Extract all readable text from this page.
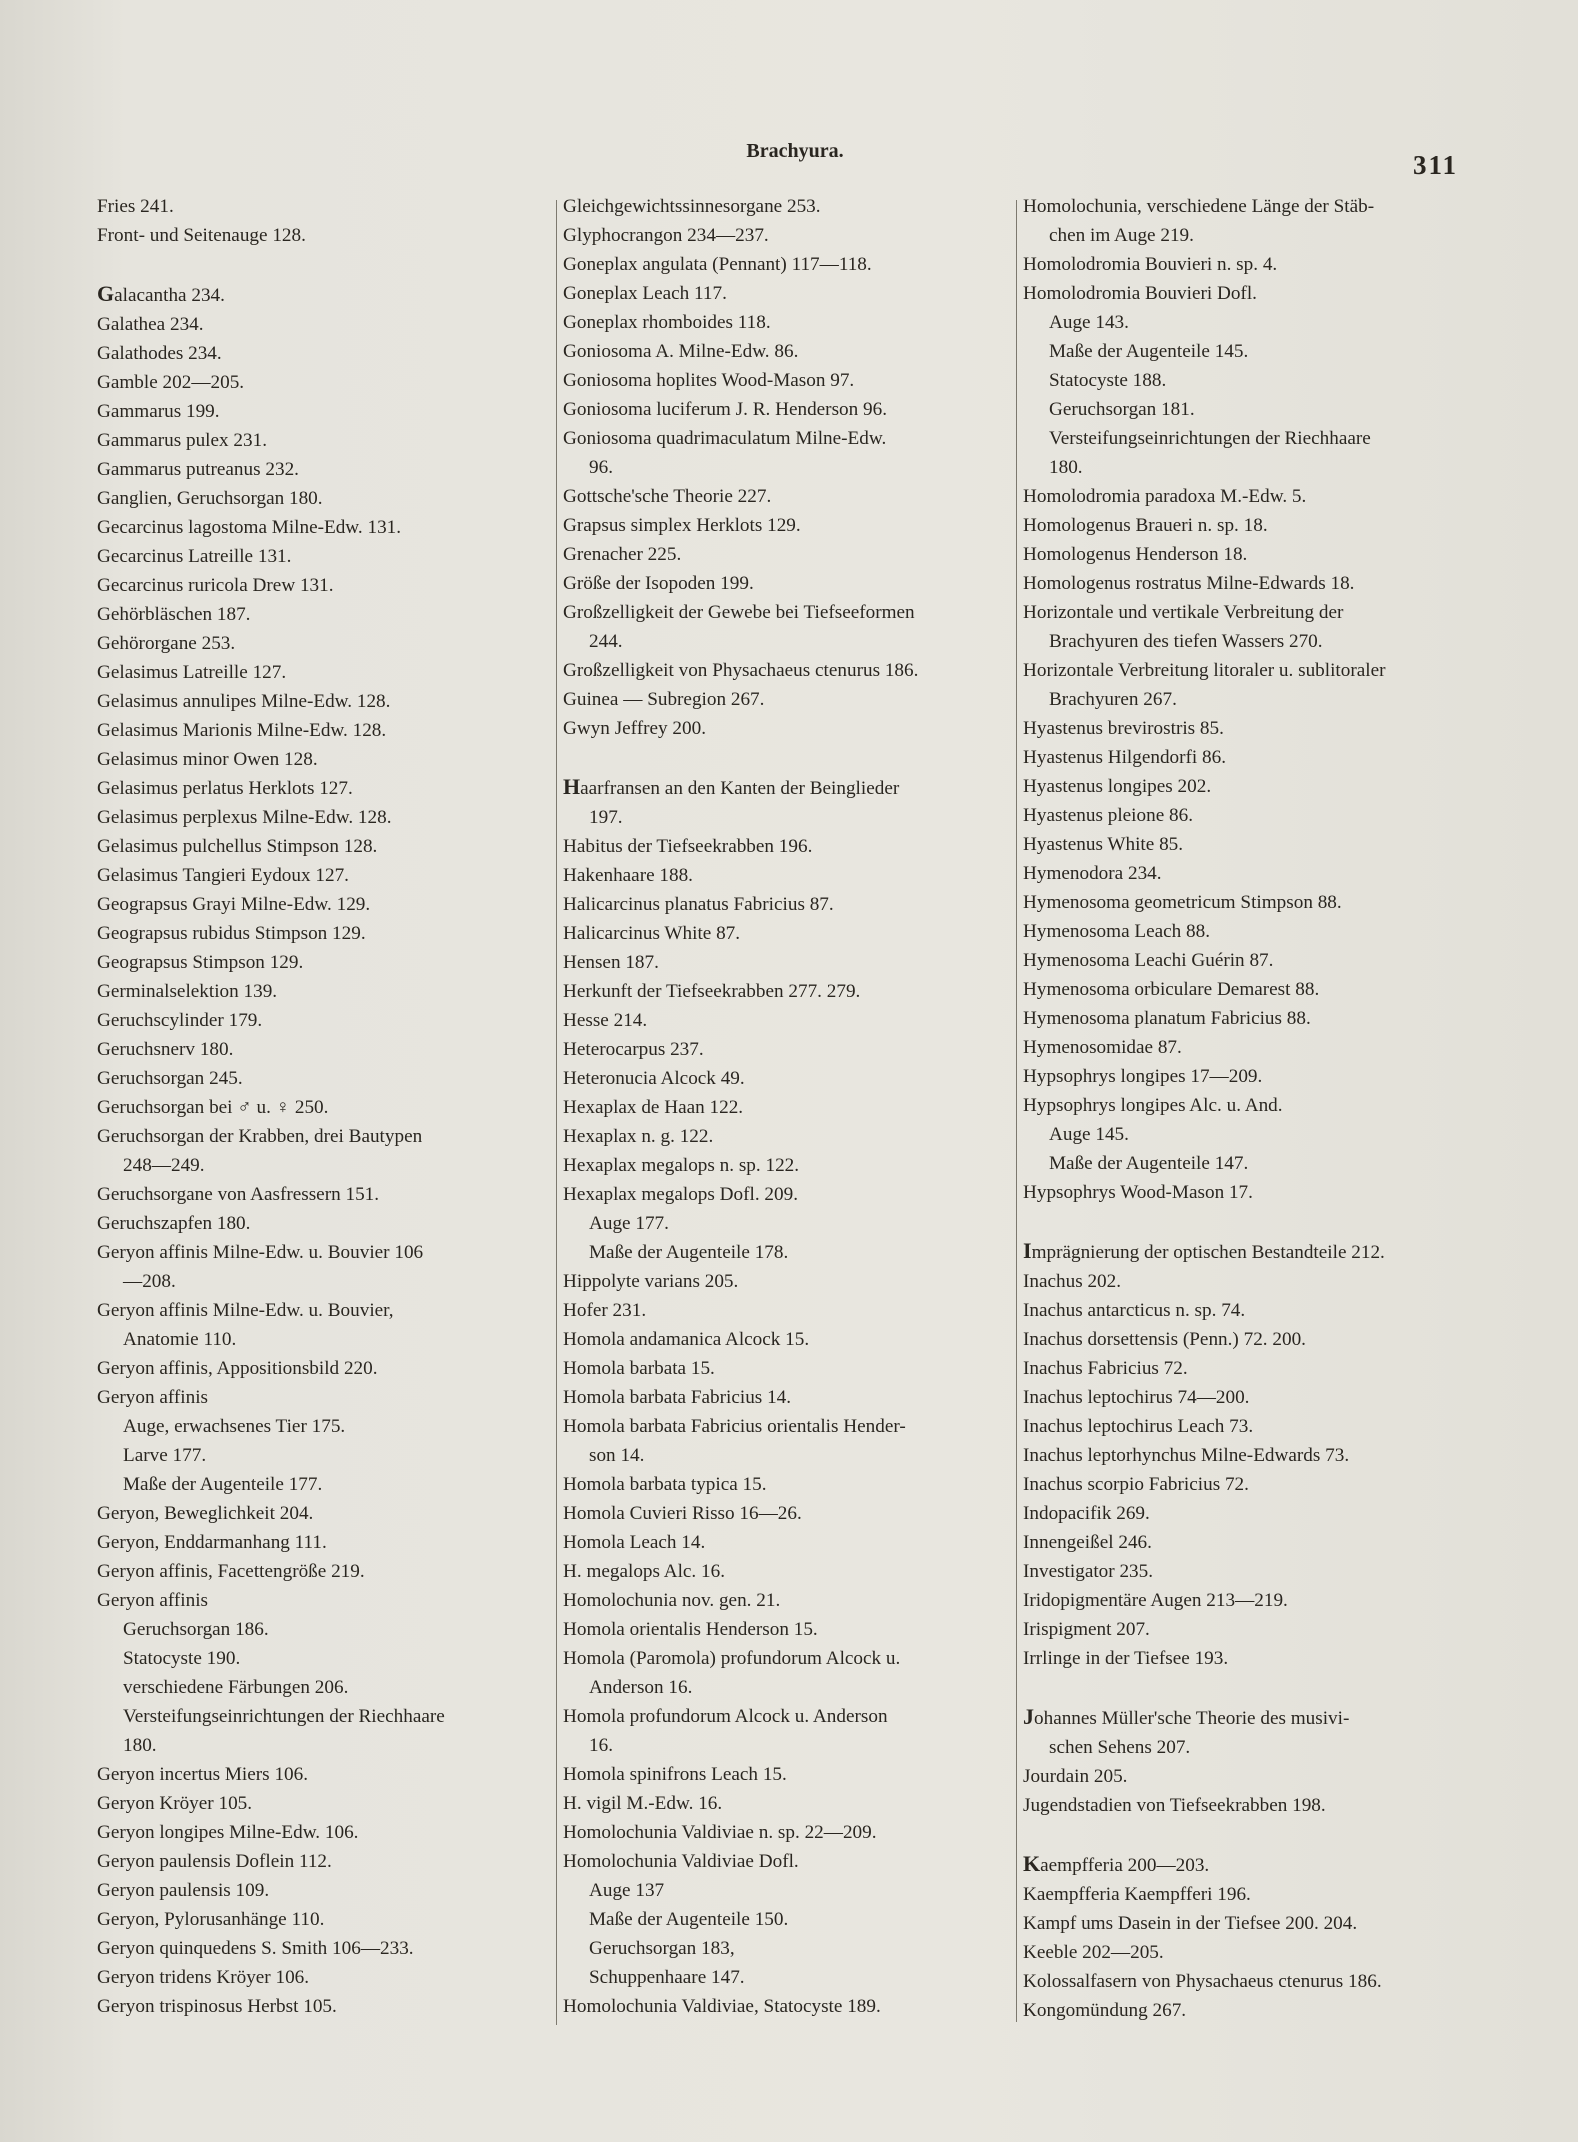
Brachyura.	311

Fries 241.

Front- und Seitenauge 128.

Galacantha 234.

Galathea 234.

Galathodes 234.

Gamble 202—205.

Gammarus 199.

Gammarus pulex 231.

Gammarus putreanus 232.

Ganglien, Geruchsorgan 180.

Gecarcinus lagostoma Milne-Edw. 131.

Gecarcinus Latreille 131.

Gecarcinus ruricola Drew 131.

Gehörbläschen 187.

Gehörorgane 253.

Gelasimus Latreille 127.

Gelasimus annulipes Milne-Edw. 128.

Gelasimus Marionis Milne-Edw. 128.

Gelasimus minor Owen 128.

Gelasimus perlatus Herklots 127.

Gelasimus perplexus Milne-Edw. 128.

Gelasimus pulchellus Stimpson 128.

Gelasimus Tangieri Eydoux 127.

Geograpsus Grayi Milne-Edw. 129.

Geograpsus rubidus Stimpson 129.

Geograpsus Stimpson 129.

Germinalselektion 139.

Geruchscylinder 179.

Geruchsnerv 180.

Geruchsorgan 245.

Geruchsorgan bei ♂ u. ♀ 250.

Geruchsorgan der Krabben, drei Bautypen

248—249.

Geruchsorgane von Aasfressern 151.

Geruchszapfen 180.

Geryon affinis Milne-Edw. u. Bouvier 106

—208.

Geryon affinis Milne-Edw. u. Bouvier,

Anatomie 110.

Geryon affinis, Appositionsbild 220.

Geryon affinis

Auge, erwachsenes Tier 175.

Larve 177.

Maße der Augenteile 177.

Geryon, Beweglichkeit 204.

Geryon, Enddarmanhang 111.

Geryon affinis, Facettengröße 219.

Geryon affinis

Geruchsorgan 186.

Statocyste 190.

verschiedene Färbungen 206.

Versteifungseinrichtungen der Riechhaare

180.

Geryon incertus Miers 106.

Geryon Kröyer 105.

Geryon longipes Milne-Edw. 106.

Geryon paulensis Doflein 112.

Geryon paulensis 109.

Geryon, Pylorusanhänge 110.

Geryon quinquedens S. Smith 106—233.

Geryon tridens Kröyer 106.

Geryon trispinosus Herbst 105.

Gleichgewichtssinnesorgane 253.

Glyphocrangon 234—237.

Goneplax angulata (Pennant) 117—118.

Goneplax Leach 117.

Goneplax rhomboides 118.

Goniosoma A. Milne-Edw. 86.

Goniosoma hoplites Wood-Mason 97.

Goniosoma luciferum J. R. Henderson 96.

Goniosoma quadrimaculatum Milne-Edw.

96.

Gottsche'sche Theorie 227.

Grapsus simplex Herklots 129.

Grenacher 225.

Größe der Isopoden 199.

Großzelligkeit der Gewebe bei Tiefseeformen

244.

Großzelligkeit von Physachaeus ctenurus 186.

Guinea — Subregion 267.

Gwyn Jeffrey 200.

Haarfransen an den Kanten der Beinglieder

197.

Habitus der Tiefseekrabben 196.

Hakenhaare 188.

Halicarcinus planatus Fabricius 87.

Halicarcinus White 87.

Hensen 187.

Herkunft der Tiefseekrabben 277. 279.

Hesse 214.

Heterocarpus 237.

Heteronucia Alcock 49.

Hexaplax de Haan 122.

Hexaplax n. g. 122.

Hexaplax megalops n. sp. 122.

Hexaplax megalops Dofl. 209.

Auge 177.

Maße der Augenteile 178.

Hippolyte varians 205.

Hofer 231.

Homola andamanica Alcock 15.

Homola barbata 15.

Homola barbata Fabricius 14.

Homola barbata Fabricius orientalis Hender-

son 14.

Homola barbata typica 15.

Homola Cuvieri Risso 16—26.

Homola Leach 14.

H. megalops Alc. 16.

Homolochunia nov. gen. 21.

Homola orientalis Henderson 15.

Homola (Paromola) profundorum Alcock u.

Anderson 16.

Homola profundorum Alcock u. Anderson

16.

Homola spinifrons Leach 15.

H. vigil M.-Edw. 16.

Homolochunia Valdiviae n. sp. 22—209.

Homolochunia Valdiviae Dofl.

Auge 137

Maße der Augenteile 150.

Geruchsorgan 183,

Schuppenhaare 147.

Homolochunia Valdiviae, Statocyste 189.

Homolochunia, verschiedene Länge der Stäb-

chen im Auge 219.

Homolodromia Bouvieri n. sp. 4.

Homolodromia Bouvieri Dofl.

Auge 143.

Maße der Augenteile 145.

Statocyste 188.

Geruchsorgan 181.

Versteifungseinrichtungen der Riechhaare

180.

Homolodromia paradoxa M.-Edw. 5.

Homologenus Braueri n. sp. 18.

Homologenus Henderson 18.

Homologenus rostratus Milne-Edwards 18.

Horizontale und vertikale Verbreitung der

Brachyuren des tiefen Wassers 270.

Horizontale Verbreitung litoraler u. sublitoraler

Brachyuren 267.

Hyastenus brevirostris 85.

Hyastenus Hilgendorfi 86.

Hyastenus longipes 202.

Hyastenus pleione 86.

Hyastenus White 85.

Hymenodora 234.

Hymenosoma geometricum Stimpson 88.

Hymenosoma Leach 88.

Hymenosoma Leachi Guérin 87.

Hymenosoma orbiculare Demarest 88.

Hymenosoma planatum Fabricius 88.

Hymenosomidae 87.

Hypsophrys longipes 17—209.

Hypsophrys longipes Alc. u. And.

Auge 145.

Maße der Augenteile 147.

Hypsophrys Wood-Mason 17.

Imprägnierung der optischen Bestandteile 212.

Inachus 202.

Inachus antarcticus n. sp. 74.

Inachus dorsettensis (Penn.) 72. 200.

Inachus Fabricius 72.

Inachus leptochirus 74—200.

Inachus leptochirus Leach 73.

Inachus leptorhynchus Milne-Edwards 73.

Inachus scorpio Fabricius 72.

Indopacifik 269.

Innengeißel 246.

Investigator 235.

Iridopigmentäre Augen 213—219.

Irispigment 207.

Irrlinge in der Tiefsee 193.

Johannes Müller'sche Theorie des musivi-

schen Sehens 207.

Jourdain 205.

Jugendstadien von Tiefseekrabben 198.

Kaempfferia 200—203.

Kaempfferia Kaempfferi 196.

Kampf ums Dasein in der Tiefsee 200. 204.

Keeble 202—205.

Kolossalfasern von Physachaeus ctenurus 186.

Kongomündung 267.
